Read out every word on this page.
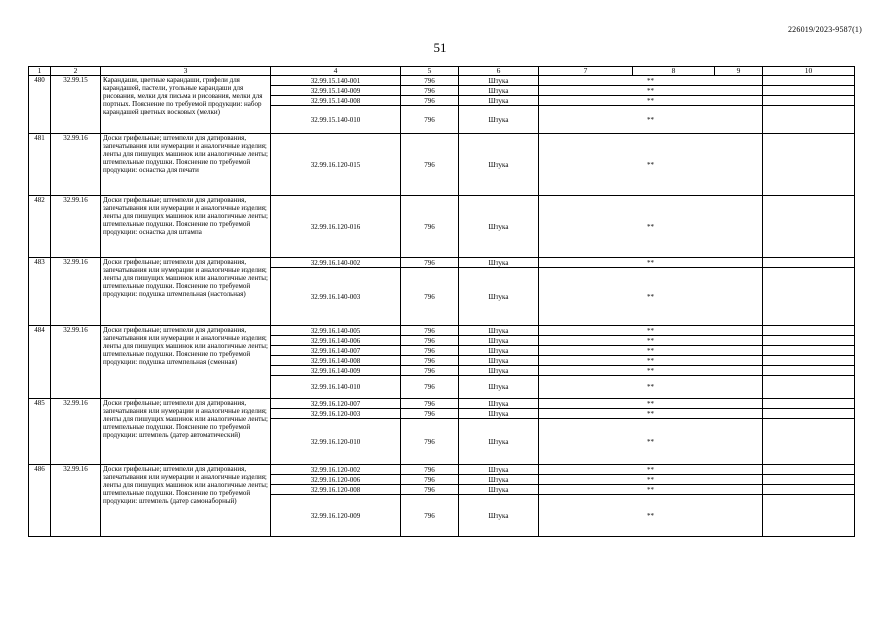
226019/2023-9587(1)
51
1	2	3	4	5	6	7	8	9	10
480	32.99.15	Карандаши, цветные карандаши, грифели для карандашей, пастели, угольные карандаши для рисования, мелки для письма и рисования, мелки для портных. Пояснение по требуемой продукции: набор карандашей цветных восковых (мелки)	32.99.15.140-001	796	Штука	**			
			32.99.15.140-009	796	Штука	**			
			32.99.15.140-008	796	Штука	**			
			32.99.15.140-010	796	Штука	**			
481	32.99.16	Доски грифельные; штемпели для датирования, запечатывания или нумерации и аналогичные изделия; ленты для пишущих машинок или аналогичные ленты; штемпельные подушки. Пояснение по требуемой продукции: оснастка для печати	32.99.16.120-015	796	Штука	**			
482	32.99.16	Доски грифельные; штемпели для датирования, запечатывания или нумерации и аналогичные изделия; ленты для пишущих машинок или аналогичные ленты; штемпельные подушки. Пояснение по требуемой продукции: оснастка для штампа	32.99.16.120-016	796	Штука	**			
483	32.99.16	Доски грифельные; штемпели для датирования, запечатывания или нумерации и аналогичные изделия; ленты для пишущих машинок или аналогичные ленты; штемпельные подушки. Пояснение по требуемой продукции: подушка штемпельная (настольная)	32.99.16.140-002	796	Штука	**			
			32.99.16.140-003	796	Штука	**			
484	32.99.16	Доски грифельные; штемпели для датирования, запечатывания или нумерации и аналогичные изделия; ленты для пишущих машинок или аналогичные ленты; штемпельные подушки. Пояснение по требуемой продукции: подушка штемпельная (сменная)	32.99.16.140-005	796	Штука	**			
			32.99.16.140-006	796	Штука	**			
			32.99.16.140-007	796	Штука	**			
			32.99.16.140-008	796	Штука	**			
			32.99.16.140-009	796	Штука	**			
			32.99.16.140-010	796	Штука	**			
485	32.99.16	Доски грифельные; штемпели для датирования, запечатывания или нумерации и аналогичные изделия; ленты для пишущих машинок или аналогичные ленты; штемпельные подушки. Пояснение по требуемой продукции: штемпель (датер автоматический)	32.99.16.120-007	796	Штука	**			
			32.99.16.120-003	796	Штука	**			
			32.99.16.120-010	796	Штука	**			
486	32.99.16	Доски грифельные; штемпели для датирования, запечатывания или нумерации и аналогичные изделия; ленты для пишущих машинок или аналогичные ленты; штемпельные подушки. Пояснение по требуемой продукции: штемпель (датер самонаборный)	32.99.16.120-002	796	Штука	**			
			32.99.16.120-006	796	Штука	**			
			32.99.16.120-008	796	Штука	**			
			32.99.16.120-009	796	Штука	**			
